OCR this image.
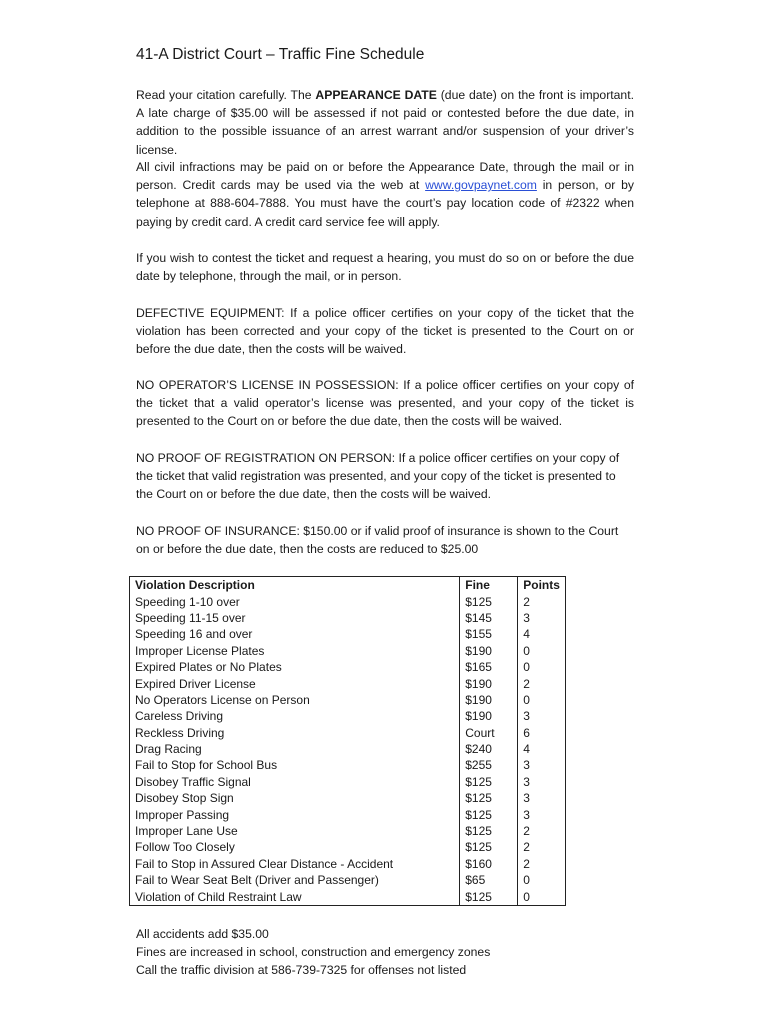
41-A District Court – Traffic Fine Schedule

Read your citation carefully. The APPEARANCE DATE (due date) on the front is important. A late charge of $35.00 will be assessed if not paid or contested before the due date, in addition to the possible issuance of an arrest warrant and/or suspension of your driver’s license.

All civil infractions may be paid on or before the Appearance Date, through the mail or in person. Credit cards may be used via the web at www.govpaynet.com in person, or by telephone at 888-604-7888. You must have the court’s pay location code of #2322 when paying by credit card. A credit card service fee will apply.

If you wish to contest the ticket and request a hearing, you must do so on or before the due date by telephone, through the mail, or in person.

DEFECTIVE EQUIPMENT: If a police officer certifies on your copy of the ticket that the violation has been corrected and your copy of the ticket is presented to the Court on or before the due date, then the costs will be waived.

NO OPERATOR’S LICENSE IN POSSESSION: If a police officer certifies on your copy of the ticket that a valid operator’s license was presented, and your copy of the ticket is presented to the Court on or before the due date, then the costs will be waived.

NO PROOF OF REGISTRATION ON PERSON: If a police officer certifies on your copy of the ticket that valid registration was presented, and your copy of the ticket is presented to the Court on or before the due date, then the costs will be waived.

NO PROOF OF INSURANCE: $150.00 or if valid proof of insurance is shown to the Court on or before the due date, then the costs are reduced to $25.00

Violation Description	Fine	Points
Speeding 1-10 over	$125	2
Speeding 11-15 over	$145	3
Speeding 16 and over	$155	4
Improper License Plates	$190	0
Expired Plates or No Plates	$165	0
Expired Driver License	$190	2
No Operators License on Person	$190	0
Careless Driving	$190	3
Reckless Driving	Court	6
Drag Racing	$240	4
Fail to Stop for School Bus	$255	3
Disobey Traffic Signal	$125	3
Disobey Stop Sign	$125	3
Improper Passing	$125	3
Improper Lane Use	$125	2
Follow Too Closely	$125	2
Fail to Stop in Assured Clear Distance - Accident	$160	2
Fail to Wear Seat Belt (Driver and Passenger)	$65	0
Violation of Child Restraint Law	$125	0
All accidents add $35.00
Fines are increased in school, construction and emergency zones
Call the traffic division at 586-739-7325 for offenses not listed
